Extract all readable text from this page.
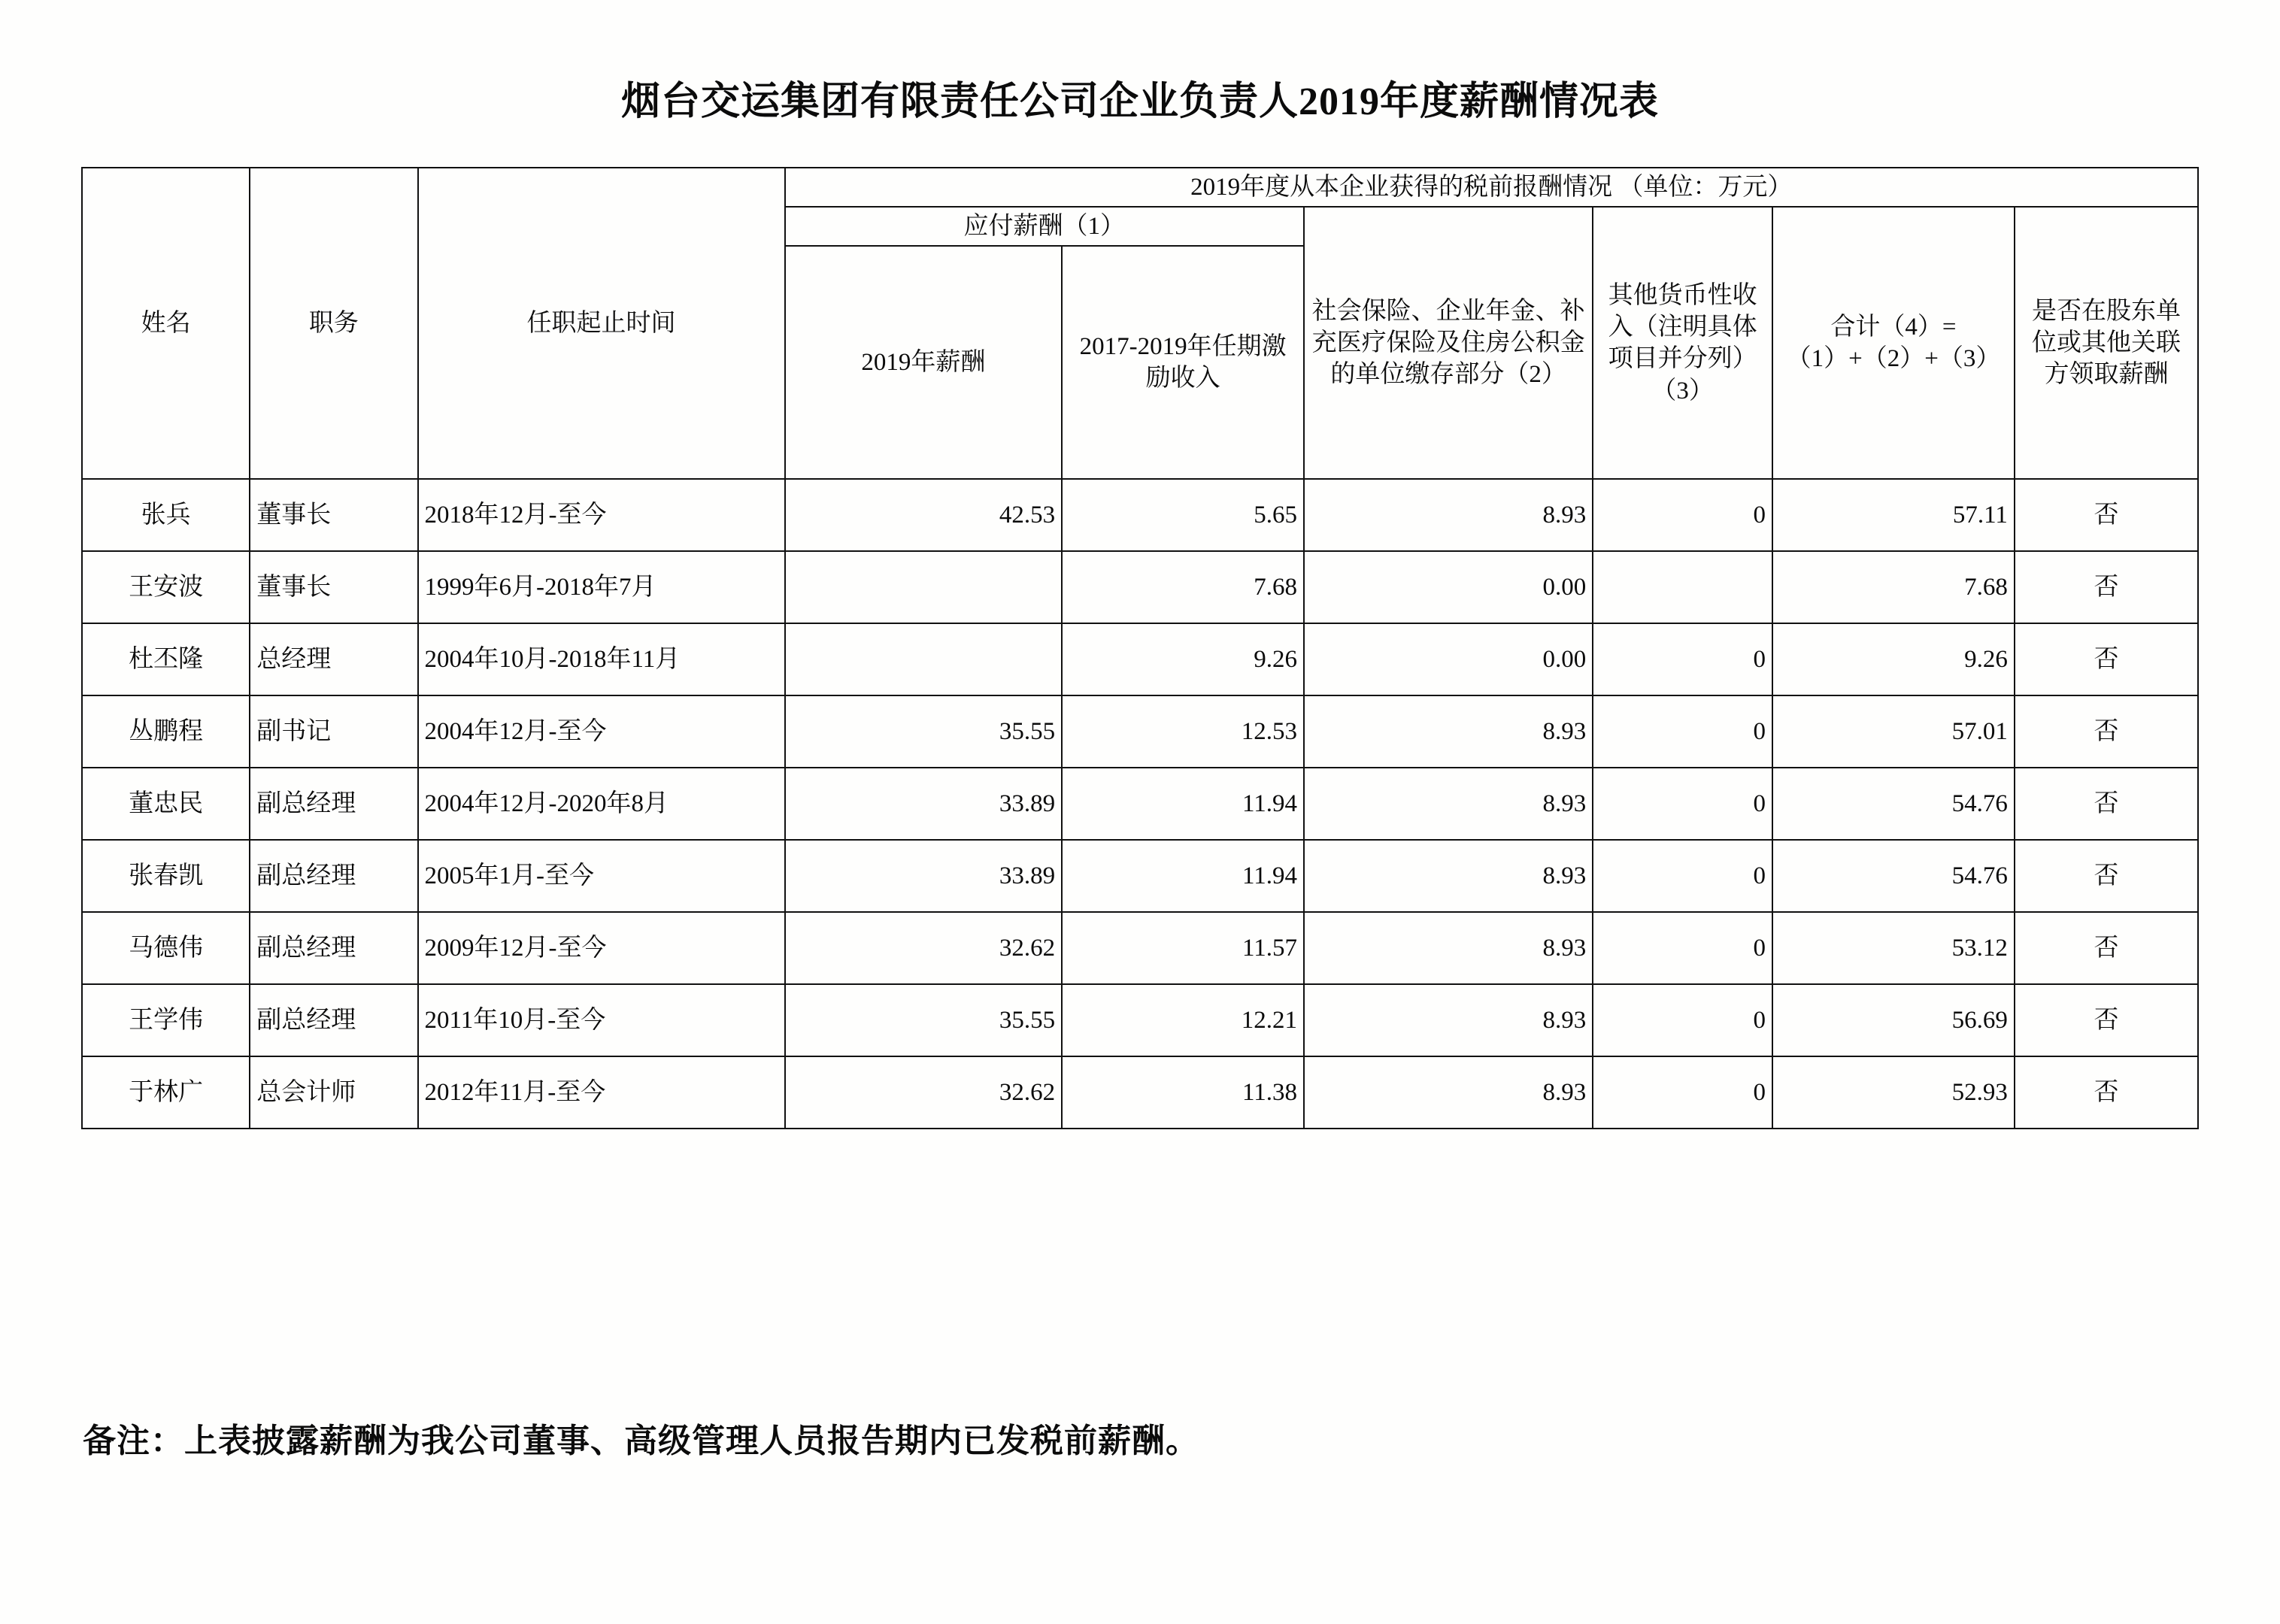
烟台交运集团有限责任公司企业负责人2019年度薪酬情况表
姓名	职务	任职起止时间	2019年度从本企业获得的税前报酬情况 （单位：万元）					
			应付薪酬（1）		社会保险、企业年金、补充医疗保险及住房公积金的单位缴存部分（2）	其他货币性收入（注明具体项目并分列）（3）	合计（4）=（1）+（2）+（3）	是否在股东单位或其他关联方领取薪酬
			2019年薪酬	2017-2019年任期激励收入				
张兵	董事长	2018年12月-至今	42.53	5.65	8.93	0	57.11	否
王安波	董事长	1999年6月-2018年7月		7.68	0.00		7.68	否
杜丕隆	总经理	2004年10月-2018年11月		9.26	0.00	0	9.26	否
丛鹏程	副书记	2004年12月-至今	35.55	12.53	8.93	0	57.01	否
董忠民	副总经理	2004年12月-2020年8月	33.89	11.94	8.93	0	54.76	否
张春凯	副总经理	2005年1月-至今	33.89	11.94	8.93	0	54.76	否
马德伟	副总经理	2009年12月-至今	32.62	11.57	8.93	0	53.12	否
王学伟	副总经理	2011年10月-至今	35.55	12.21	8.93	0	56.69	否
于林广	总会计师	2012年11月-至今	32.62	11.38	8.93	0	52.93	否
备注：上表披露薪酬为我公司董事、高级管理人员报告期内已发税前薪酬。
